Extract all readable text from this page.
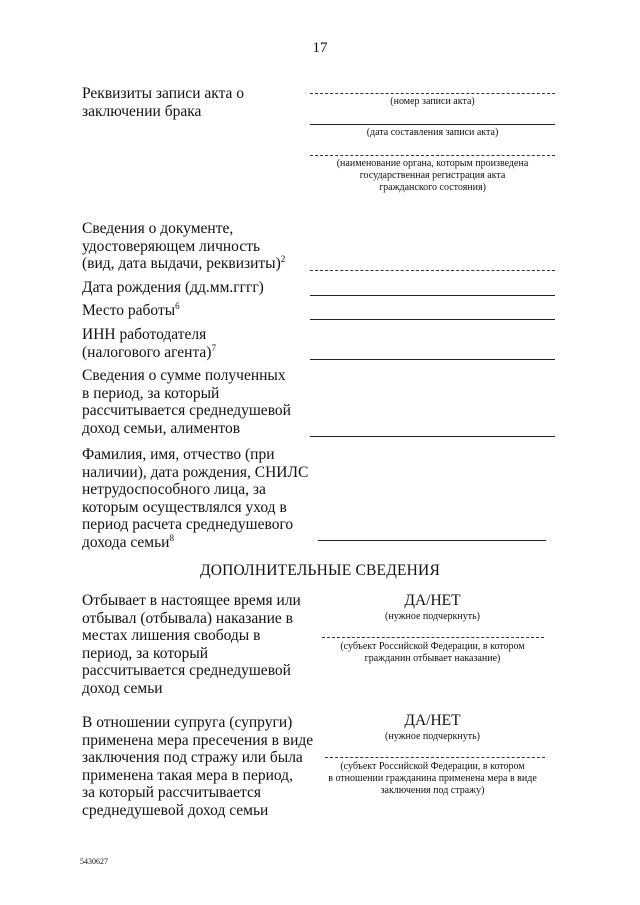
17
Реквизиты записи акта о
заключении брака
(номер записи акта)
(дата составления записи акта)
(наименование органа, которым произведена
государственная регистрация акта
гражданского состояния)
Сведения о документе,
удостоверяющем личность
(вид, дата выдачи, реквизиты)$^2$
Дата рождения (дд.мм.гггг)
Место работы$^6$
ИНН работодателя
(налогового агента)$^7$
Сведения о сумме полученных
в период, за который
рассчитывается среднедушевой
доход семьи, алиментов
Фамилия, имя, отчество (при
наличии), дата рождения, СНИЛС
нетрудоспособного лица, за
которым осуществлялся уход в
период расчета среднедушевого
дохода семьи$^8$
ДОПОЛНИТЕЛЬНЫЕ СВЕДЕНИЯ
Отбывает в настоящее время или
отбывал (отбывала) наказание в
местах лишения свободы в
период, за который
рассчитывается среднедушевой
доход семьи
ДА/НЕТ
(нужное подчеркнуть)
(субъект Российской Федерации, в котором
гражданин отбывает наказание)
В отношении супруга (супруги)
применена мера пресечения в виде
заключения под стражу или была
применена такая мера в период,
за который рассчитывается
среднедушевой доход семьи
ДА/НЕТ
(нужное подчеркнуть)
(субъект Российской Федерации, в котором
в отношении гражданина применена мера в виде
заключения под стражу)
5430627
